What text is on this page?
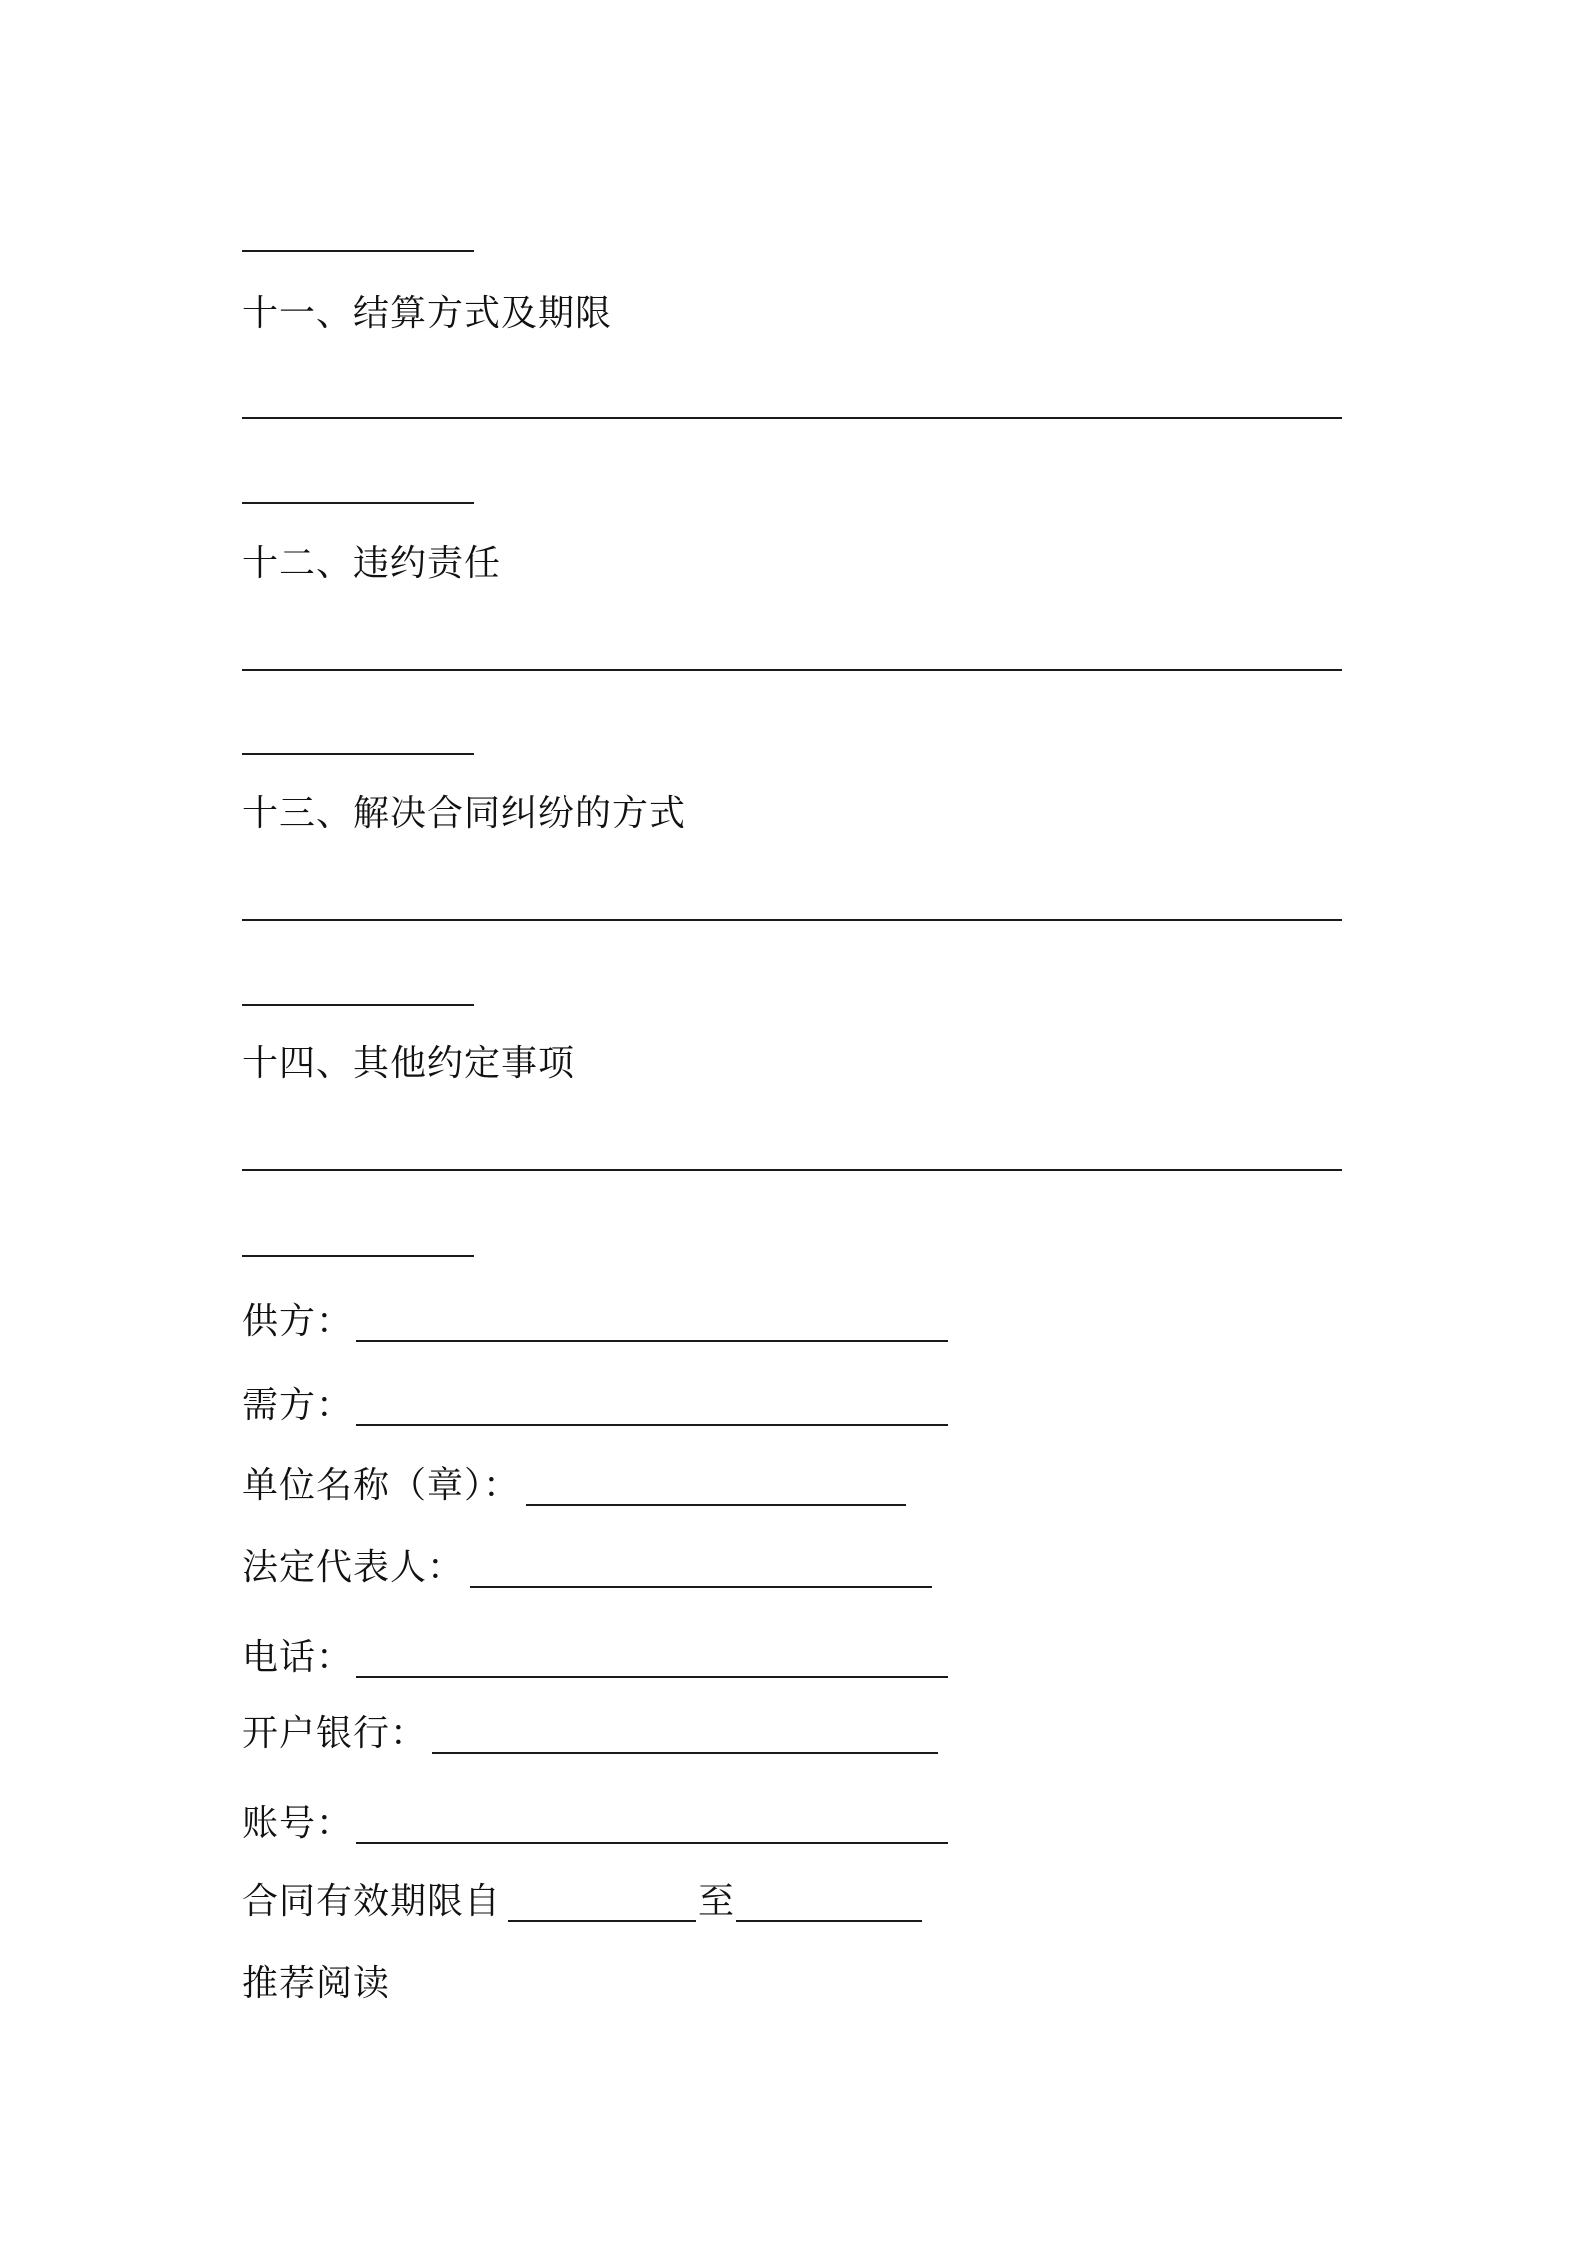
十一、结算方式及期限
十二、违约责任
十三、解决合同纠纷的方式
十四、其他约定事项
供方：
需方：
单位名称（章）：
法定代表人：
电话：
开户银行：
账号：
合同有效期限自	至
推荐阅读
